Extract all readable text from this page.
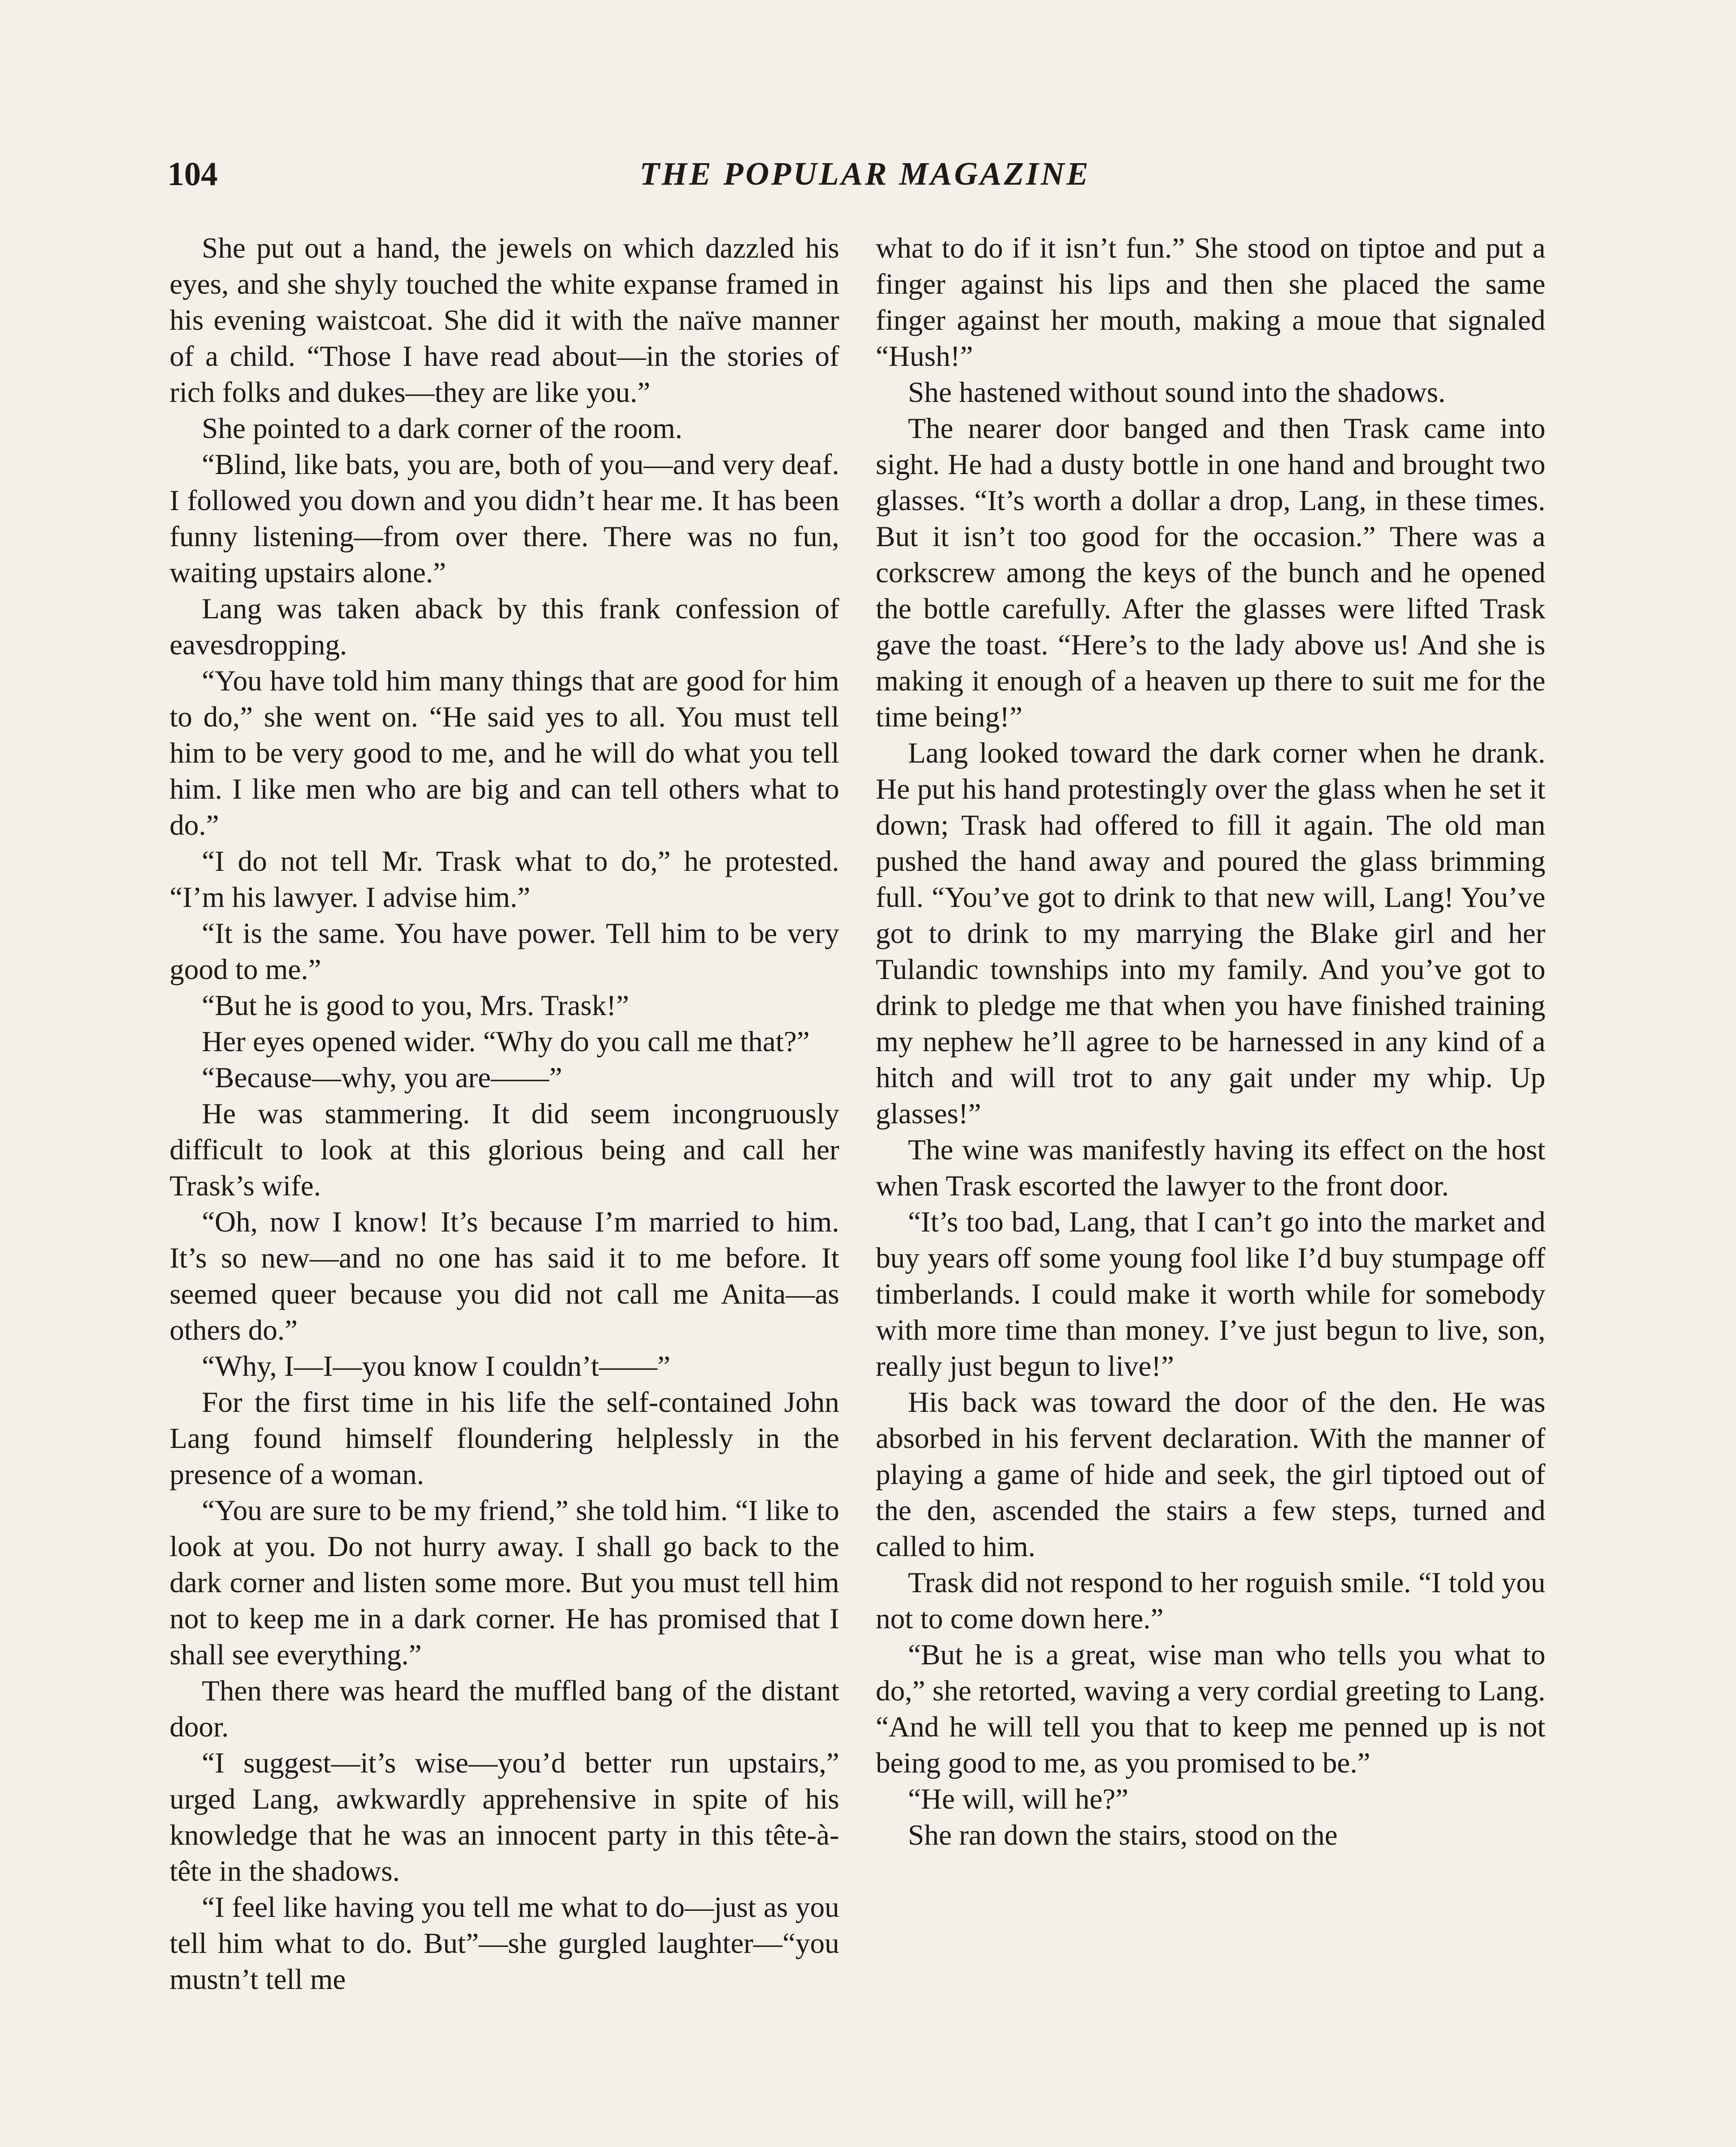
104	THE POPULAR MAGAZINE

She put out a hand, the jewels on which dazzled his eyes, and she shyly touched the white expanse framed in his evening waistcoat. She did it with the naïve manner of a child. “Those I have read about—in the stories of rich folks and dukes—they are like you.”

She pointed to a dark corner of the room.

“Blind, like bats, you are, both of you—and very deaf. I followed you down and you didn’t hear me. It has been funny listening—from over there. There was no fun, waiting upstairs alone.”

Lang was taken aback by this frank confession of eavesdropping.

“You have told him many things that are good for him to do,” she went on. “He said yes to all. You must tell him to be very good to me, and he will do what you tell him. I like men who are big and can tell others what to do.”

“I do not tell Mr. Trask what to do,” he protested. “I’m his lawyer. I advise him.”

“It is the same. You have power. Tell him to be very good to me.”

“But he is good to you, Mrs. Trask!”

Her eyes opened wider. “Why do you call me that?”

“Because—why, you are——”

He was stammering. It did seem incongruously difficult to look at this glorious being and call her Trask’s wife.

“Oh, now I know! It’s because I’m married to him. It’s so new—and no one has said it to me before. It seemed queer because you did not call me Anita—as others do.”

“Why, I—I—you know I couldn’t——”

For the first time in his life the self-contained John Lang found himself floundering helplessly in the presence of a woman.

“You are sure to be my friend,” she told him. “I like to look at you. Do not hurry away. I shall go back to the dark corner and listen some more. But you must tell him not to keep me in a dark corner. He has promised that I shall see everything.”

Then there was heard the muffled bang of the distant door.

“I suggest—it’s wise—you’d better run upstairs,” urged Lang, awkwardly apprehensive in spite of his knowledge that he was an innocent party in this tête-à-tête in the shadows.

“I feel like having you tell me what to do—just as you tell him what to do. But”—she gurgled laughter—“you mustn’t tell me

what to do if it isn’t fun.” She stood on tiptoe and put a finger against his lips and then she placed the same finger against her mouth, making a moue that signaled “Hush!”

She hastened without sound into the shadows.

The nearer door banged and then Trask came into sight. He had a dusty bottle in one hand and brought two glasses. “It’s worth a dollar a drop, Lang, in these times. But it isn’t too good for the occasion.” There was a corkscrew among the keys of the bunch and he opened the bottle carefully. After the glasses were lifted Trask gave the toast. “Here’s to the lady above us! And she is making it enough of a heaven up there to suit me for the time being!”

Lang looked toward the dark corner when he drank. He put his hand protestingly over the glass when he set it down; Trask had offered to fill it again. The old man pushed the hand away and poured the glass brimming full. “You’ve got to drink to that new will, Lang! You’ve got to drink to my marrying the Blake girl and her Tulandic townships into my family. And you’ve got to drink to pledge me that when you have finished training my nephew he’ll agree to be harnessed in any kind of a hitch and will trot to any gait under my whip. Up glasses!”

The wine was manifestly having its effect on the host when Trask escorted the lawyer to the front door.

“It’s too bad, Lang, that I can’t go into the market and buy years off some young fool like I’d buy stumpage off timberlands. I could make it worth while for somebody with more time than money. I’ve just begun to live, son, really just begun to live!”

His back was toward the door of the den. He was absorbed in his fervent declaration. With the manner of playing a game of hide and seek, the girl tiptoed out of the den, ascended the stairs a few steps, turned and called to him.

Trask did not respond to her roguish smile. “I told you not to come down here.”

“But he is a great, wise man who tells you what to do,” she retorted, waving a very cordial greeting to Lang. “And he will tell you that to keep me penned up is not being good to me, as you promised to be.”

“He will, will he?”

She ran down the stairs, stood on the
